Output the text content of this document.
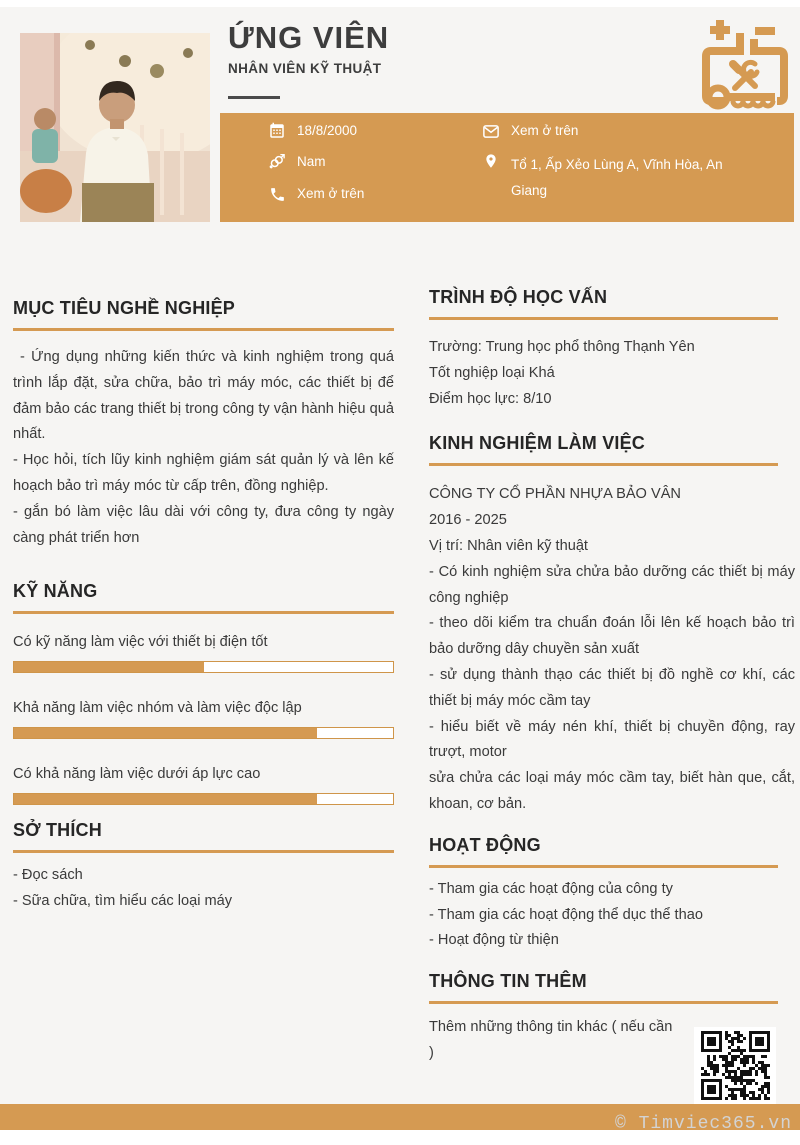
ỨNG VIÊN
NHÂN VIÊN KỸ THUẬT
18/8/2000
Nam
Xem ở trên
Xem ở trên
Tổ 1, Ấp Xẻo Lùng A, Vĩnh Hòa, An Giang
MỤC TIÊU NGHỀ NGHIỆP

- Ứng dụng những kiến thức và kinh nghiệm trong quá trình lắp đặt, sửa chữa, bảo trì máy móc, các thiết bị để đảm bảo các trang thiết bị trong công ty vận hành hiệu quả nhất.

- Học hỏi, tích lũy kinh nghiệm giám sát quản lý và lên kế hoạch bảo trì máy móc từ cấp trên, đồng nghiệp.

- gắn bó làm việc lâu dài với công ty, đưa công ty ngày càng phát triển hơn

KỸ NĂNG
Có kỹ năng làm việc với thiết bị điện tốt
Khả năng làm việc nhóm và làm việc độc lập
Có khả năng làm việc dưới áp lực cao
SỞ THÍCH
- Đọc sách
- Sữa chữa, tìm hiểu các loại máy
TRÌNH ĐỘ HỌC VẤN
Trường: Trung học phổ thông Thạnh Yên
Tốt nghiệp loại Khá
Điểm học lực: 8/10
KINH NGHIỆM LÀM VIỆC
CÔNG TY CỔ PHẦN NHỰA BẢO VÂN
2016 - 2025
Vị trí: Nhân viên kỹ thuật

- Có kinh nghiệm sửa chửa bảo dưỡng các thiết bị máy công nghiệp

- theo dõi kiểm tra chuẩn đoán lỗi lên kế hoạch bảo trì bảo dưỡng dây chuyền sản xuất

- sử dụng thành thạo các thiết bị đồ nghề cơ khí, các thiết bị máy móc cầm tay

- hiểu biết về máy nén khí, thiết bị chuyền động, ray trượt, motor

sửa chửa các loại máy móc cầm tay, biết hàn que, cắt, khoan, cơ bản.

HOẠT ĐỘNG
- Tham gia các hoạt động của công ty
- Tham gia các hoạt động thể dục thể thao
- Hoạt động từ thiện
THÔNG TIN THÊM
Thêm những thông tin khác ( nếu cần )
© Timviec365.vn
